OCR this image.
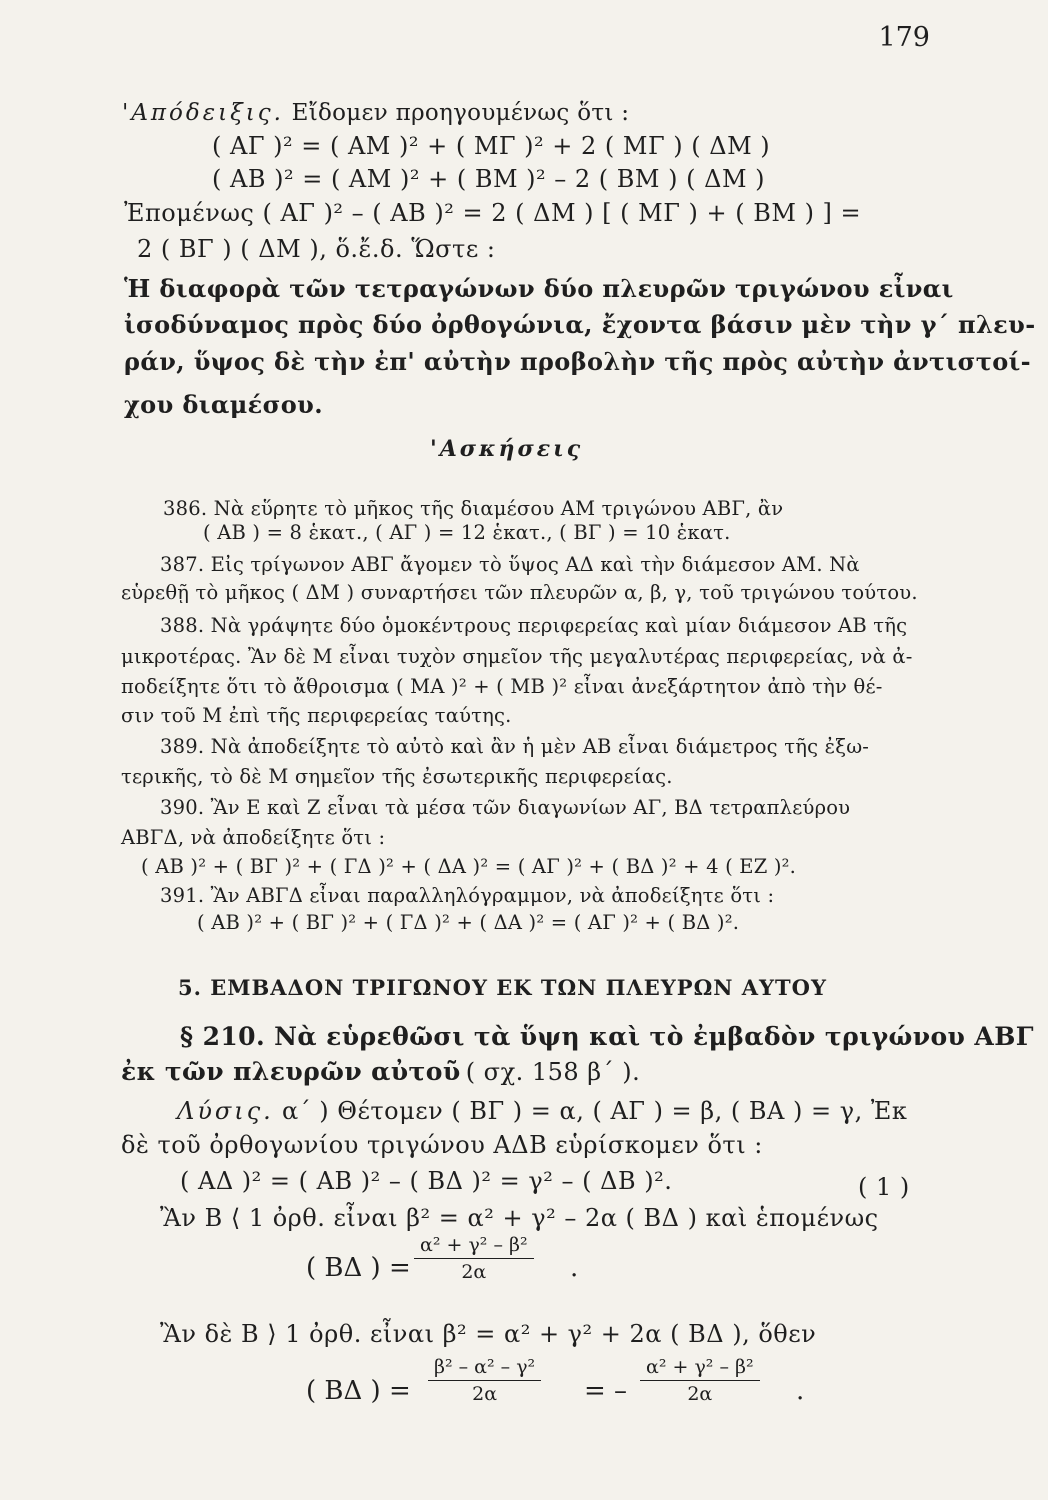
179
'Απόδειξις. Εἴδομεν προηγουμένως ὅτι :
( ΑΓ )² = ( ΑΜ )² + ( ΜΓ )² + 2 ( ΜΓ ) ( ΔΜ )
( ΑΒ )² = ( ΑΜ )² + ( ΒΜ )² – 2 ( ΒΜ ) ( ΔΜ )
Ἐπομένως ( ΑΓ )² – ( ΑΒ )² = 2 ( ΔΜ ) [ ( ΜΓ ) + ( ΒΜ ) ] =
2 ( ΒΓ ) ( ΔΜ ), ὅ.ἔ.δ. Ὥστε :
Ἡ διαφορὰ τῶν τετραγώνων δύο πλευρῶν τριγώνου εἶναι
ἰσοδύναμος πρὸς δύο ὀρθογώνια, ἔχοντα βάσιν μὲν τὴν γ΄ πλευ-
ράν, ὕψος δὲ τὴν ἐπ' αὐτὴν προβολὴν τῆς πρὸς αὐτὴν ἀντιστοί-
χου διαμέσου.
'Ασκήσεις
386. Νὰ εὕρητε τὸ μῆκος τῆς διαμέσου ΑΜ τριγώνου ΑΒΓ, ἂν
( ΑΒ ) = 8 ἑκατ., ( ΑΓ ) = 12 ἑκατ., ( ΒΓ ) = 10 ἑκατ.
387. Εἰς τρίγωνον ΑΒΓ ἄγομεν τὸ ὕψος ΑΔ καὶ τὴν διάμεσον ΑΜ. Νὰ
εὑρεθῇ τὸ μῆκος ( ΔΜ ) συναρτήσει τῶν πλευρῶν α, β, γ, τοῦ τριγώνου τούτου.
388. Νὰ γράψητε δύο ὁμοκέντρους περιφερείας καὶ μίαν διάμεσον ΑΒ τῆς
μικροτέρας. Ἂν δὲ Μ εἶναι τυχὸν σημεῖον τῆς μεγαλυτέρας περιφερείας, νὰ ἀ-
ποδείξητε ὅτι τὸ ἄθροισμα ( ΜΑ )² + ( ΜΒ )² εἶναι ἀνεξάρτητον ἀπὸ τὴν θέ-
σιν τοῦ Μ ἐπὶ τῆς περιφερείας ταύτης.
389. Νὰ ἀποδείξητε τὸ αὐτὸ καὶ ἂν ἡ μὲν ΑΒ εἶναι διάμετρος τῆς ἐξω-
τερικῆς, τὸ δὲ Μ σημεῖον τῆς ἐσωτερικῆς περιφερείας.
390. Ἂν Ε καὶ Ζ εἶναι τὰ μέσα τῶν διαγωνίων ΑΓ, ΒΔ τετραπλεύρου
ΑΒΓΔ, νὰ ἀποδείξητε ὅτι :
( ΑΒ )² + ( ΒΓ )² + ( ΓΔ )² + ( ΔΑ )² = ( ΑΓ )² + ( ΒΔ )² + 4 ( ΕΖ )².
391. Ἂν ΑΒΓΔ εἶναι παραλληλόγραμμον, νὰ ἀποδείξητε ὅτι :
( ΑΒ )² + ( ΒΓ )² + ( ΓΔ )² + ( ΔΑ )² = ( ΑΓ )² + ( ΒΔ )².
5. ΕΜΒΑΔΟΝ ΤΡΙΓΩΝΟΥ ΕΚ ΤΩΝ ΠΛΕΥΡΩΝ ΑΥΤΟΥ
§ 210. Νὰ εὑρεθῶσι τὰ ὕψη καὶ τὸ ἐμβαδὸν τριγώνου ΑΒΓ
ἐκ τῶν πλευρῶν αὐτοῦ ( σχ. 158 β΄ ).
Λύσις. α΄ ) Θέτομεν ( ΒΓ ) = α, ( ΑΓ ) = β, ( ΒΑ ) = γ, Ἐκ
δὲ τοῦ ὀρθογωνίου τριγώνου ΑΔΒ εὑρίσκομεν ὅτι :
( ΑΔ )² = ( ΑΒ )² – ( ΒΔ )² = γ² – ( ΔΒ )².	( 1 )
Ἂν Β ⟨ 1 ὀρθ. εἶναι β² = α² + γ² – 2α ( ΒΔ ) καὶ ἑπομένως
( ΒΔ ) =
α² + γ² – β²
2α	.
Ἂν δὲ Β ⟩ 1 ὀρθ. εἶναι β² = α² + γ² + 2α ( ΒΔ ), ὅθεν
( ΒΔ ) =
β² – α² – γ²
2α	= –
α² + γ² – β²
2α	.
